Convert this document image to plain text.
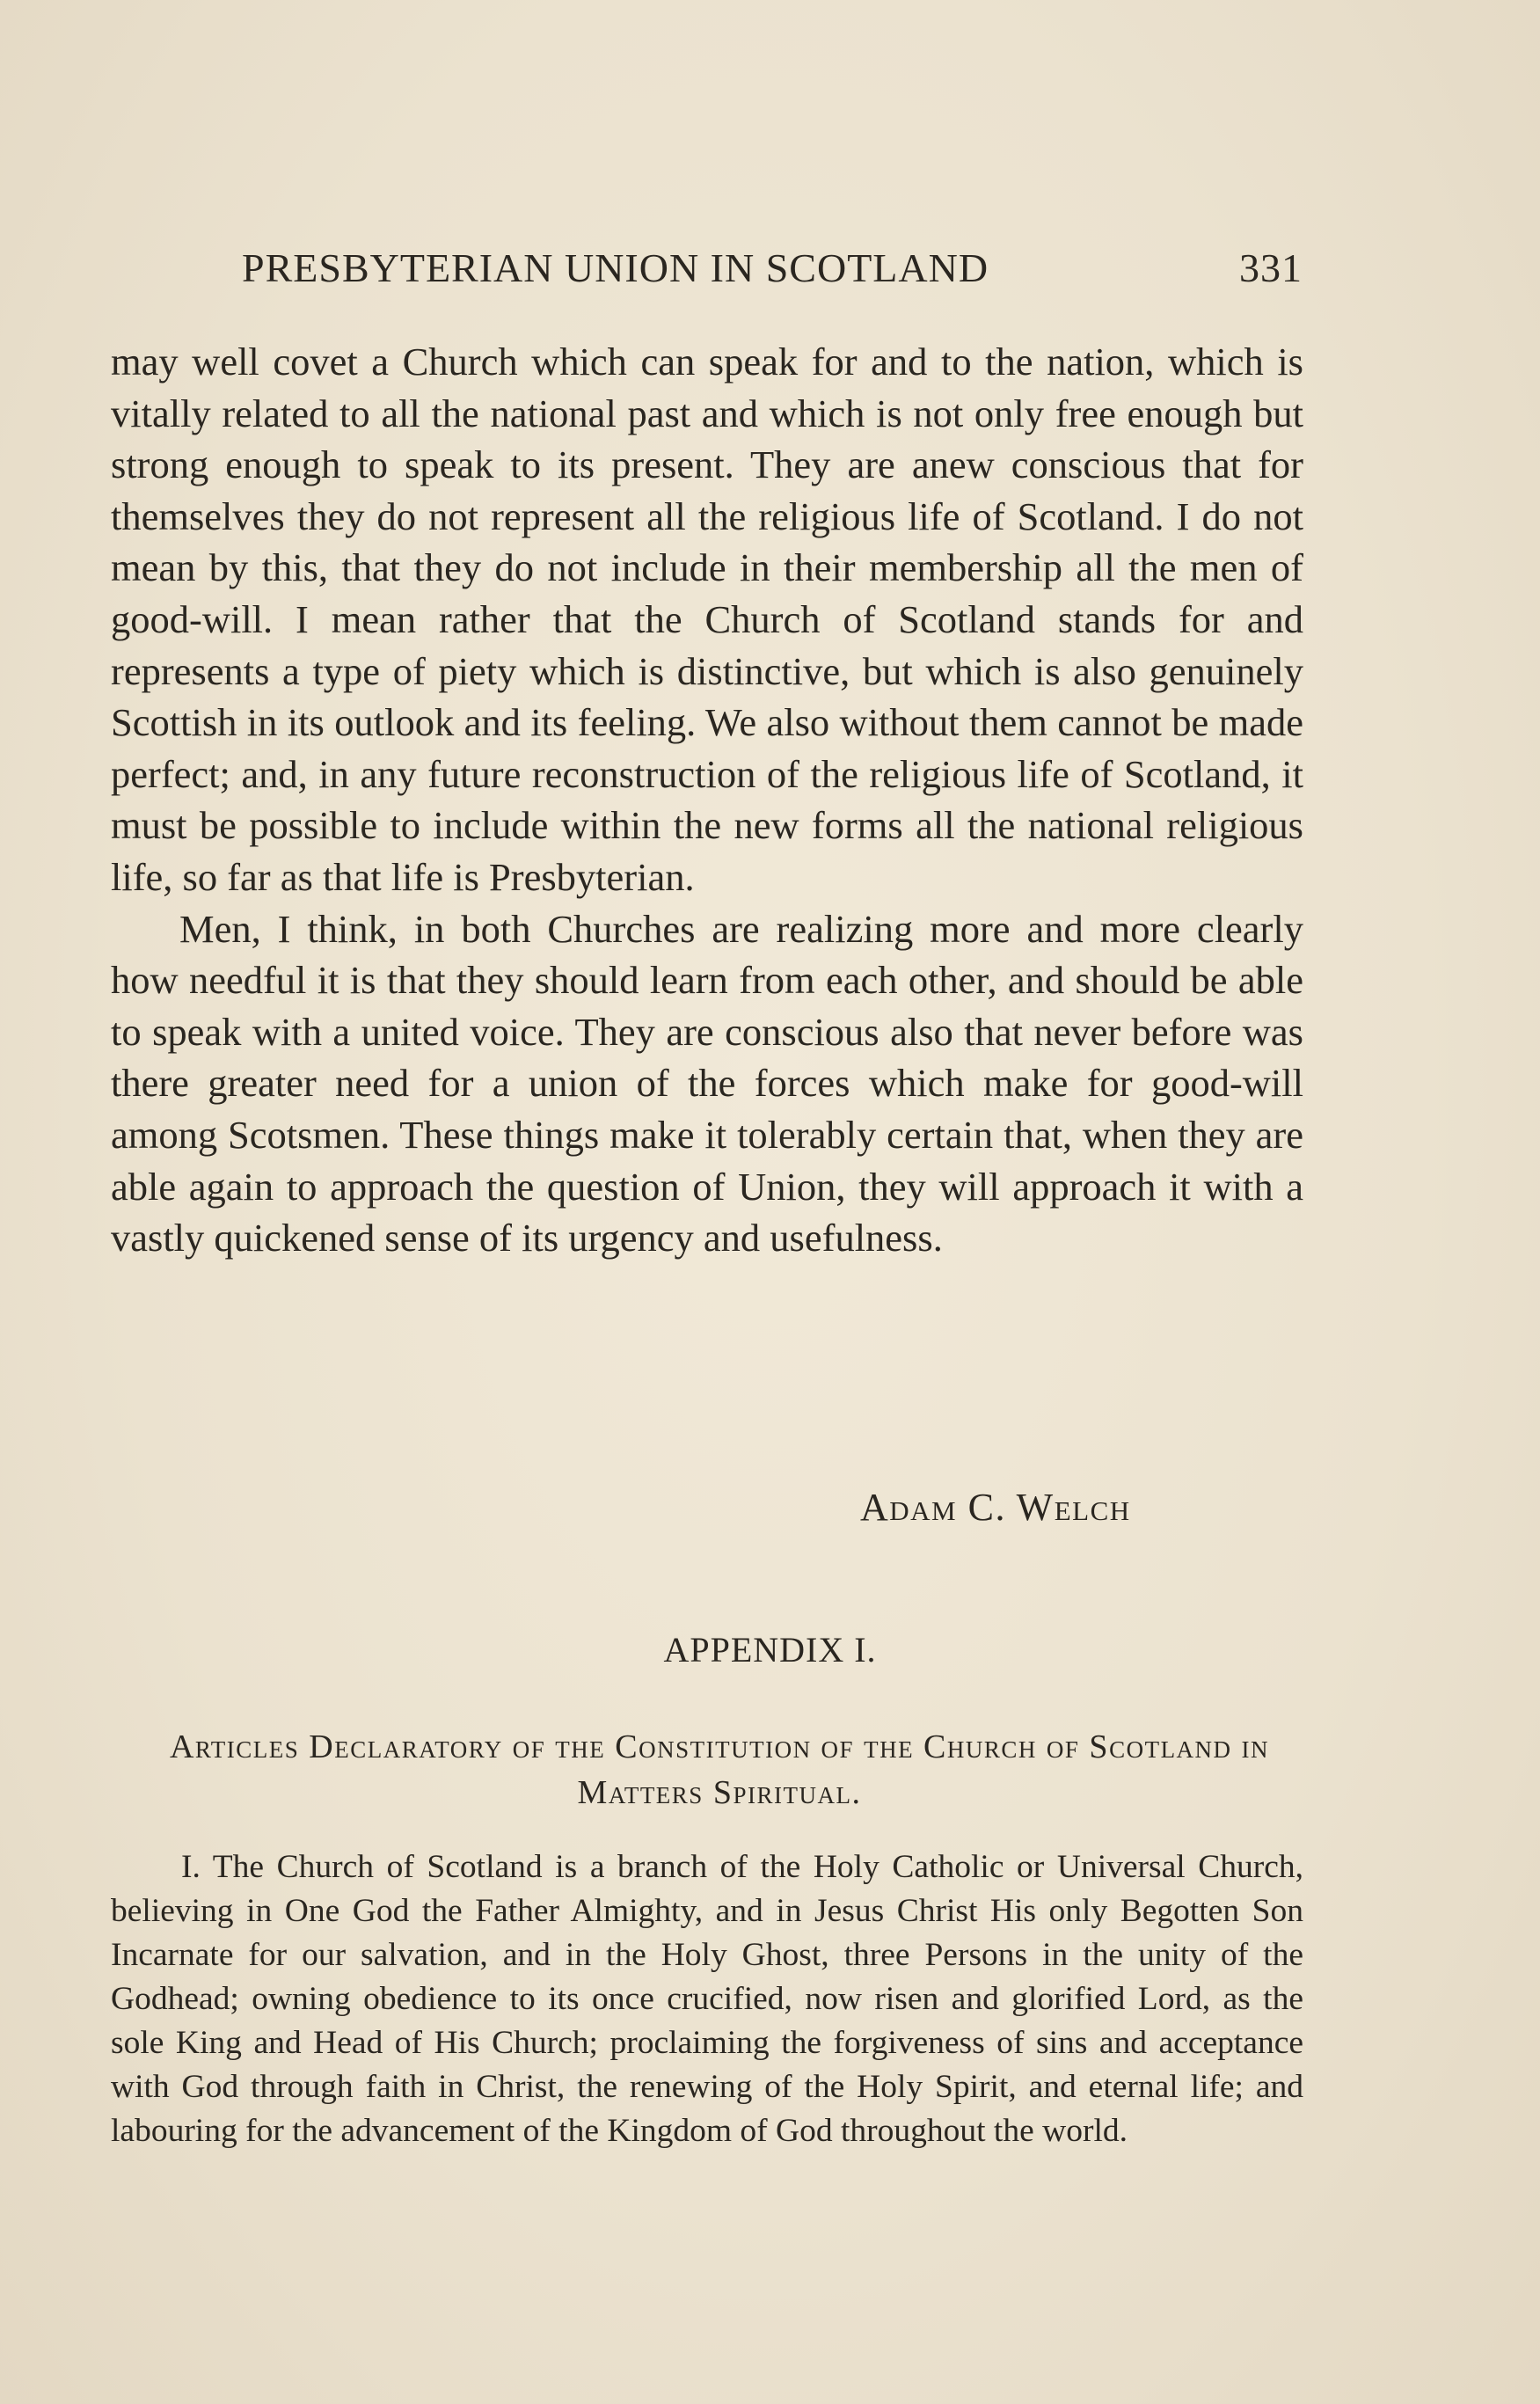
PRESBYTERIAN UNION IN SCOTLAND	331

may well covet a Church which can speak for and to the nation, which is vitally related to all the national past and which is not only free enough but strong enough to speak to its present. They are anew conscious that for themselves they do not represent all the religious life of Scotland. I do not mean by this, that they do not include in their membership all the men of good-will. I mean rather that the Church of Scotland stands for and represents a type of piety which is distinctive, but which is also genuinely Scottish in its outlook and its feeling. We also without them cannot be made perfect; and, in any future reconstruction of the religious life of Scotland, it must be possible to include within the new forms all the national religious life, so far as that life is Presbyterian.

Men, I think, in both Churches are realizing more and more clearly how needful it is that they should learn from each other, and should be able to speak with a united voice. They are conscious also that never before was there greater need for a union of the forces which make for good-will among Scotsmen. These things make it tolerably certain that, when they are able again to approach the question of Union, they will approach it with a vastly quickened sense of its urgency and usefulness.

Adam C. Welch
APPENDIX I.
Articles Declaratory of the Constitution of the Church of Scotland in Matters Spiritual.

I. The Church of Scotland is a branch of the Holy Catholic or Universal Church, believing in One God the Father Almighty, and in Jesus Christ His only Begotten Son Incarnate for our salvation, and in the Holy Ghost, three Persons in the unity of the Godhead; owning obedience to its once crucified, now risen and glorified Lord, as the sole King and Head of His Church; proclaiming the forgiveness of sins and acceptance with God through faith in Christ, the renewing of the Holy Spirit, and eternal life; and labouring for the advancement of the Kingdom of God throughout the world.
